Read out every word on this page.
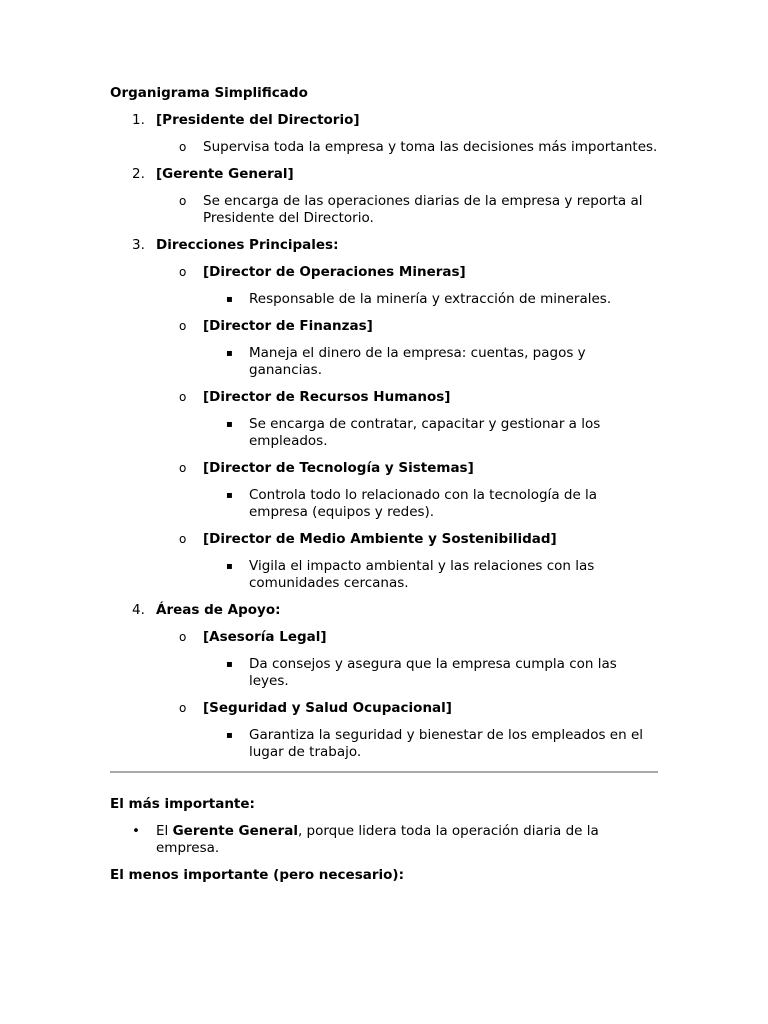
Organigrama Simplificado
1. [Presidente del Directorio]
o Supervisa toda la empresa y toma las decisiones más importantes.
2. [Gerente General]
o Se encarga de las operaciones diarias de la empresa y reporta al Presidente del Directorio.
3. Direcciones Principales:
o [Director de Operaciones Mineras]
▪ Responsable de la minería y extracción de minerales.
o [Director de Finanzas]
▪ Maneja el dinero de la empresa: cuentas, pagos y ganancias.
o [Director de Recursos Humanos]
▪ Se encarga de contratar, capacitar y gestionar a los empleados.
o [Director de Tecnología y Sistemas]
▪ Controla todo lo relacionado con la tecnología de la empresa (equipos y redes).
o [Director de Medio Ambiente y Sostenibilidad]
▪ Vigila el impacto ambiental y las relaciones con las comunidades cercanas.
4. Áreas de Apoyo:
o [Asesoría Legal]
▪ Da consejos y asegura que la empresa cumpla con las leyes.
o [Seguridad y Salud Ocupacional]
▪ Garantiza la seguridad y bienestar de los empleados en el lugar de trabajo.
El más importante:
• El Gerente General, porque lidera toda la operación diaria de la empresa.
El menos importante (pero necesario):
